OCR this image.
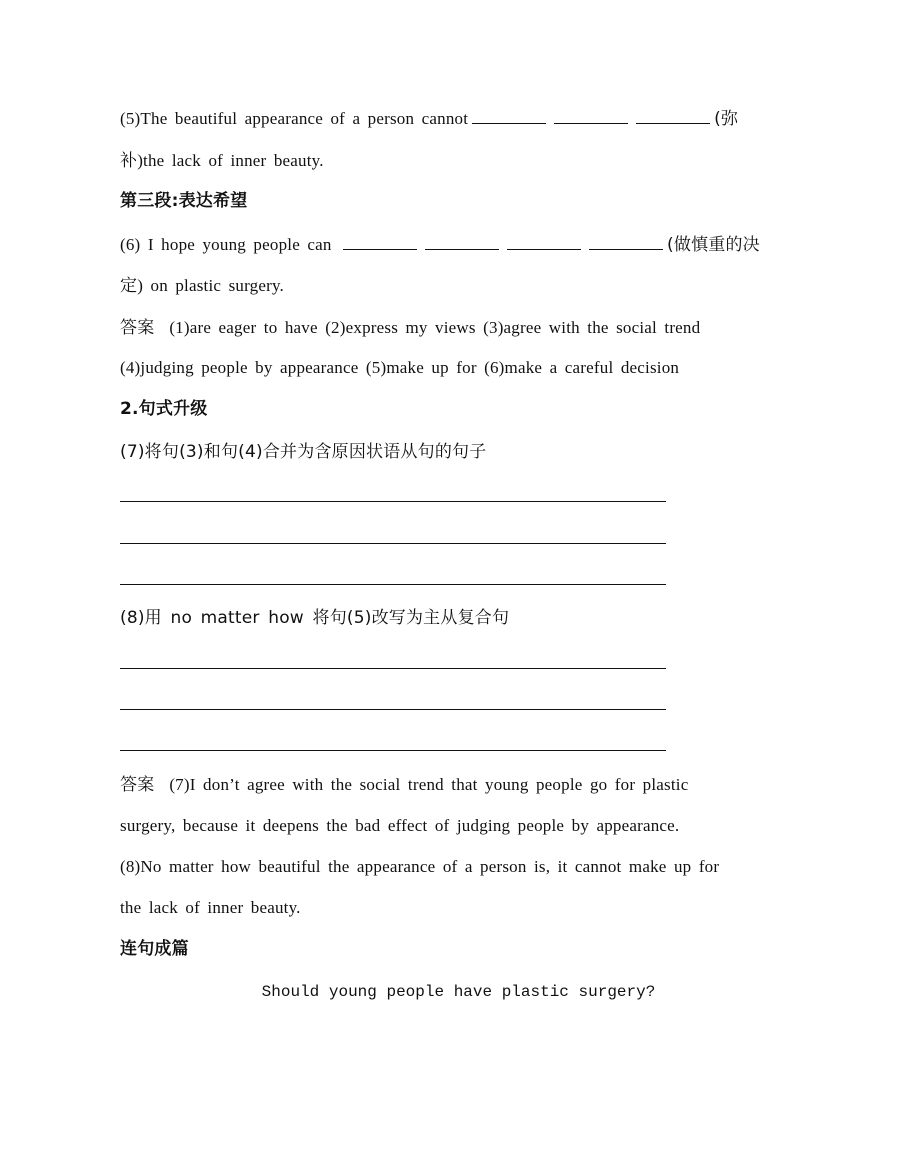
(5)The beautiful appearance of a person cannot	(弥
补)the lack of inner beauty.
第三段:表达希望
(6) I hope young people can	(做慎重的决
定) on plastic surgery.
答案 (1)are eager to have (2)express my views (3)agree with the social trend
(4)judging people by appearance (5)make up for (6)make a careful decision
2.句式升级
(7)将句(3)和句(4)合并为含原因状语从句的句子
(8)用 no matter how 将句(5)改写为主从复合句
答案 (7)I don’t agree with the social trend that young people go for plastic
surgery, because it deepens the bad effect of judging people by appearance.
(8)No matter how beautiful the appearance of a person is, it cannot make up for
the lack of inner beauty.
连句成篇
Should young people have plastic surgery?
